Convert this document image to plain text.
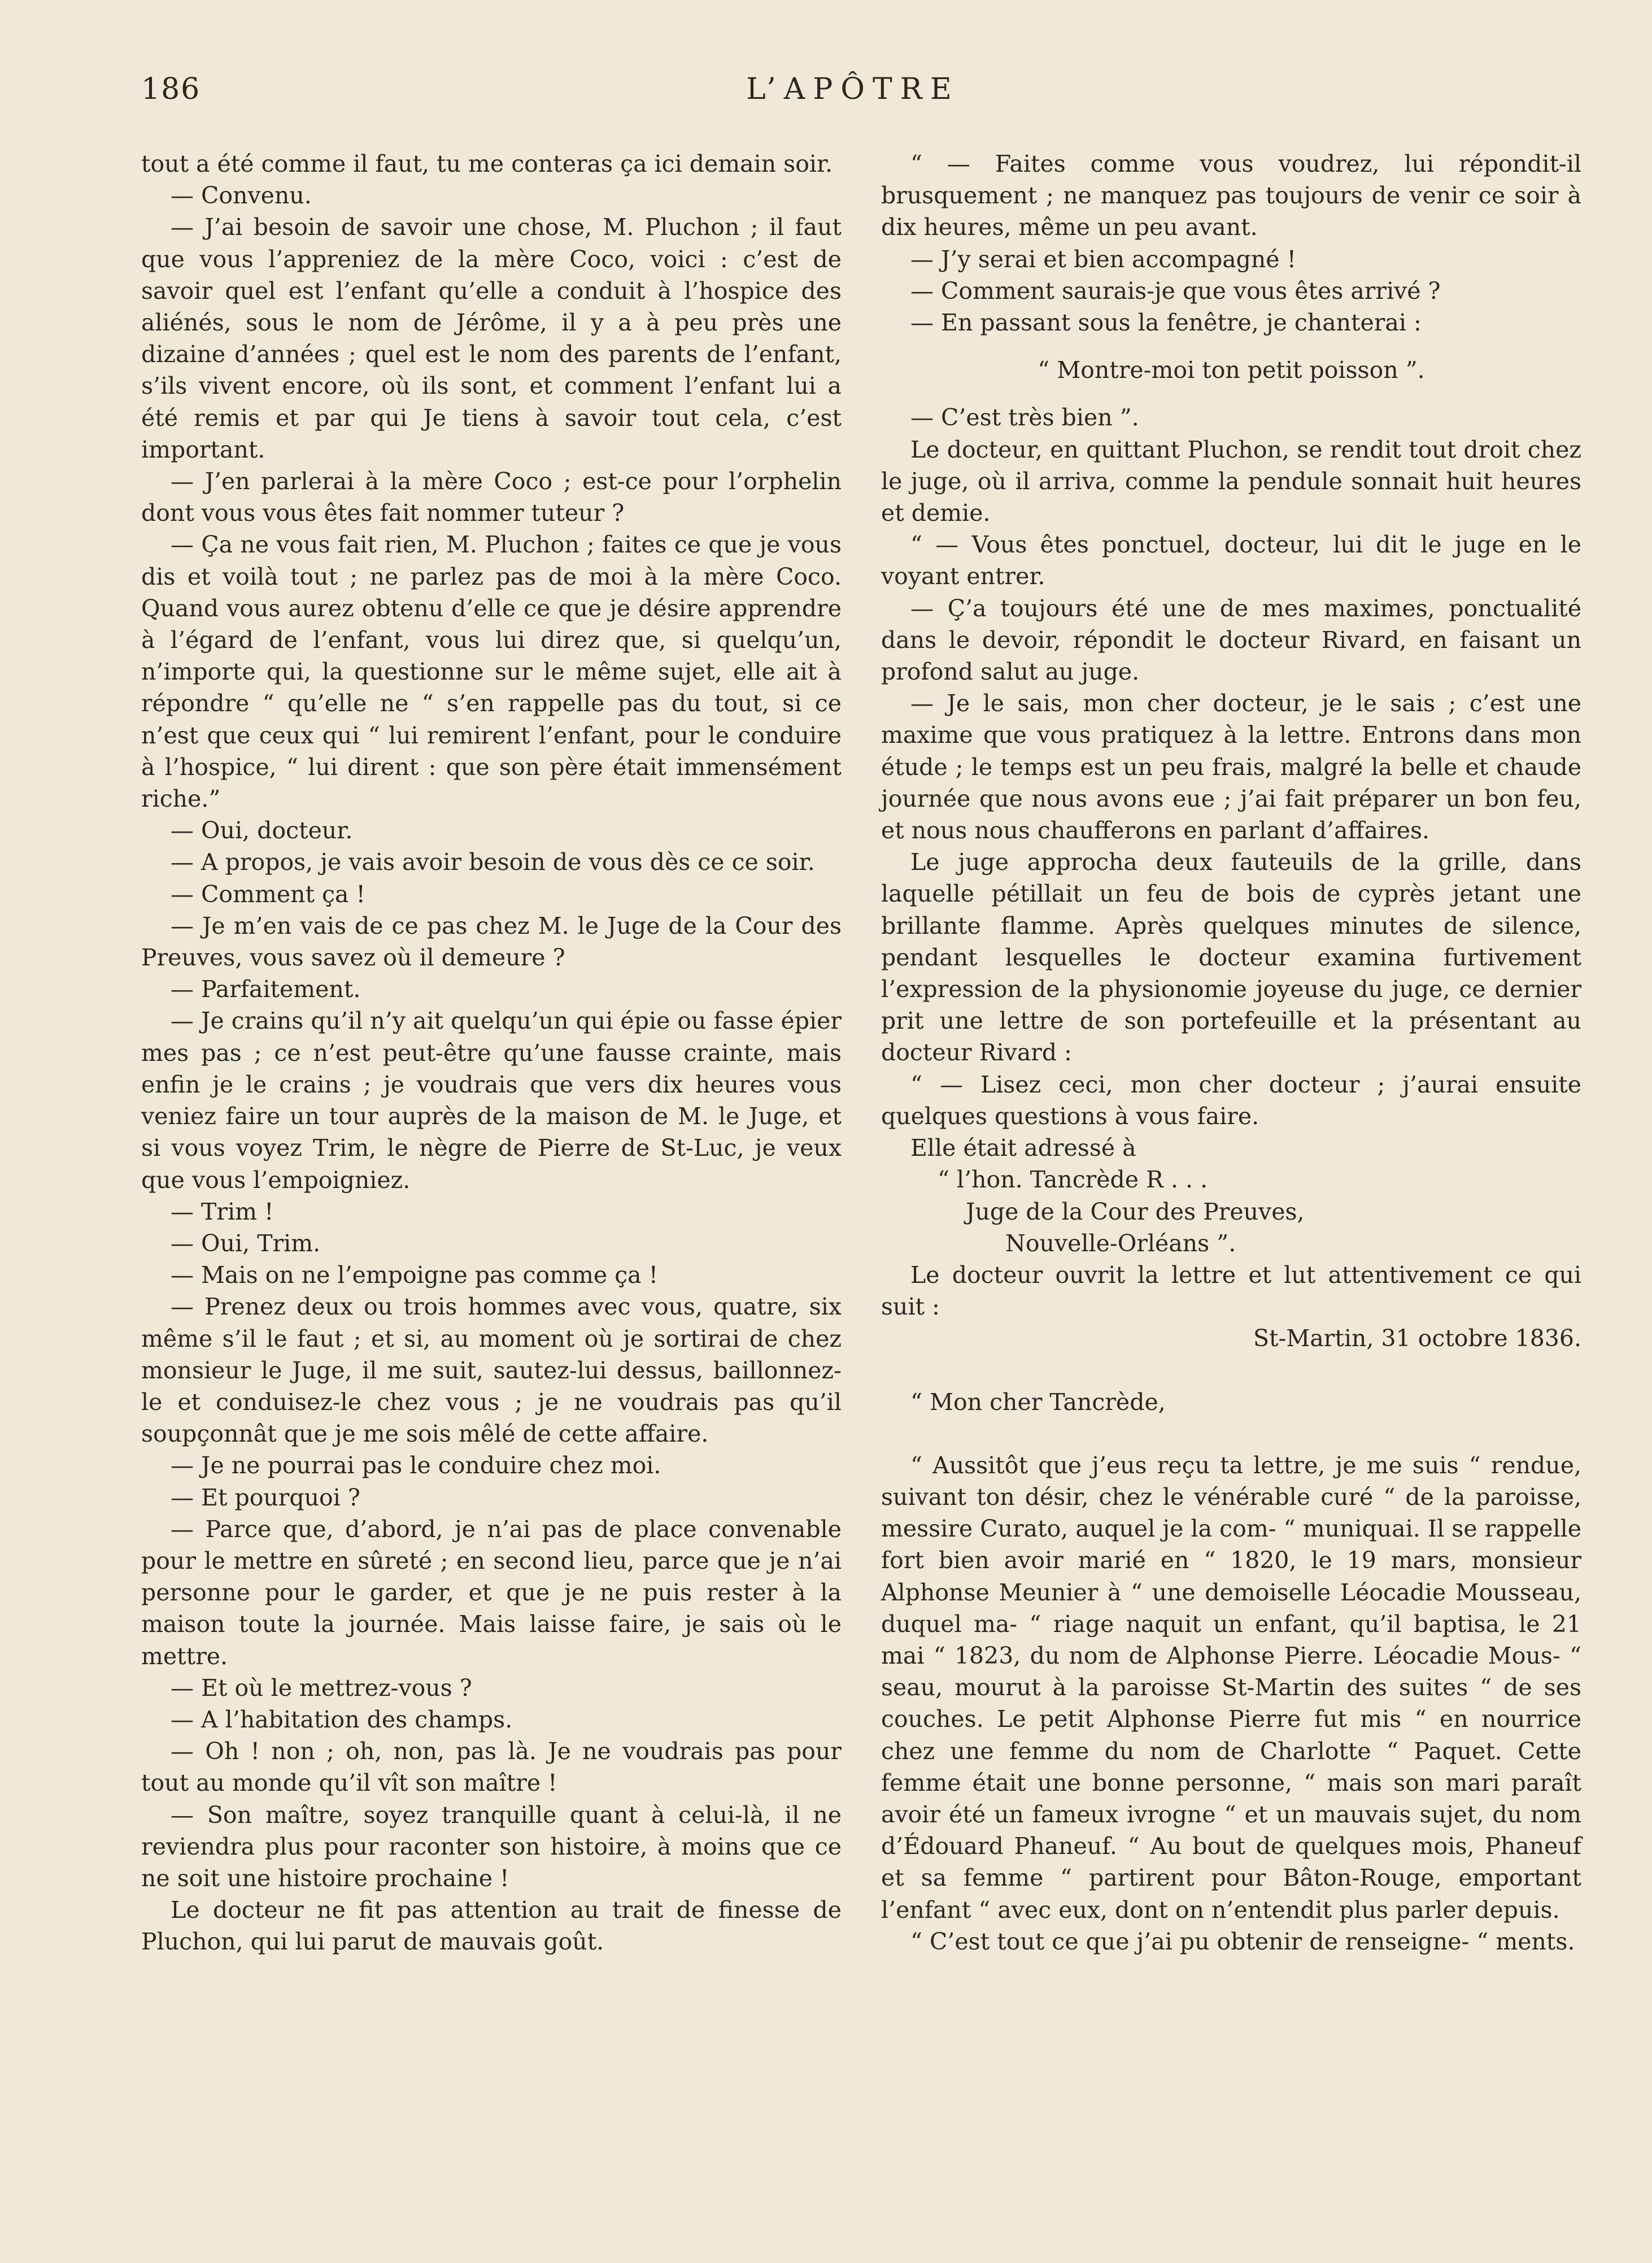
186	L’APÔTRE

tout a été comme il faut, tu me conteras ça ici demain soir.

— Convenu.

— J’ai besoin de savoir une chose, M. Pluchon ; il faut que vous l’appreniez de la mère Coco, voici : c’est de savoir quel est l’enfant qu’elle a conduit à l’hospice des aliénés, sous le nom de Jérôme, il y a à peu près une dizaine d’années ; quel est le nom des parents de l’enfant, s’ils vivent encore, où ils sont, et comment l’enfant lui a été remis et par qui Je tiens à savoir tout cela, c’est important.

— J’en parlerai à la mère Coco ; est-ce pour l’orphelin dont vous vous êtes fait nommer tuteur ?

— Ça ne vous fait rien, M. Pluchon ; faites ce que je vous dis et voilà tout ; ne parlez pas de moi à la mère Coco. Quand vous aurez obtenu d’elle ce que je désire apprendre à l’égard de l’enfant, vous lui direz que, si quelqu’un, n’importe qui, la questionne sur le même sujet, elle ait à répondre “ qu’elle ne “ s’en rappelle pas du tout, si ce n’est que ceux qui “ lui remirent l’enfant, pour le conduire à l’hospice, “ lui dirent : que son père était immensément riche.”

— Oui, docteur.

— A propos, je vais avoir besoin de vous dès ce ce soir.

— Comment ça !

— Je m’en vais de ce pas chez M. le Juge de la Cour des Preuves, vous savez où il demeure ?

— Parfaitement.

— Je crains qu’il n’y ait quelqu’un qui épie ou fasse épier mes pas ; ce n’est peut-être qu’une fausse crainte, mais enfin je le crains ; je voudrais que vers dix heures vous veniez faire un tour auprès de la maison de M. le Juge, et si vous voyez Trim, le nègre de Pierre de St-Luc, je veux que vous l’empoigniez.

— Trim !

— Oui, Trim.

— Mais on ne l’empoigne pas comme ça !

— Prenez deux ou trois hommes avec vous, quatre, six même s’il le faut ; et si, au moment où je sortirai de chez monsieur le Juge, il me suit, sautez-lui dessus, baillonnez-le et conduisez-le chez vous ; je ne voudrais pas qu’il soupçonnât que je me sois mêlé de cette affaire.

— Je ne pourrai pas le conduire chez moi.

— Et pourquoi ?

— Parce que, d’abord, je n’ai pas de place convenable pour le mettre en sûreté ; en second lieu, parce que je n’ai personne pour le garder, et que je ne puis rester à la maison toute la journée. Mais laisse faire, je sais où le mettre.

— Et où le mettrez-vous ?

— A l’habitation des champs.

— Oh ! non ; oh, non, pas là. Je ne voudrais pas pour tout au monde qu’il vît son maître !

— Son maître, soyez tranquille quant à celui-là, il ne reviendra plus pour raconter son histoire, à moins que ce ne soit une histoire prochaine !

Le docteur ne fit pas attention au trait de finesse de Pluchon, qui lui parut de mauvais goût.

“ — Faites comme vous voudrez, lui répondit-il brusquement ; ne manquez pas toujours de venir ce soir à dix heures, même un peu avant.

— J’y serai et bien accompagné !

— Comment saurais-je que vous êtes arrivé ?

— En passant sous la fenêtre, je chanterai :

“ Montre-moi ton petit poisson ”.

— C’est très bien ”.

Le docteur, en quittant Pluchon, se rendit tout droit chez le juge, où il arriva, comme la pendule sonnait huit heures et demie.

“ — Vous êtes ponctuel, docteur, lui dit le juge en le voyant entrer.

— Ç’a toujours été une de mes maximes, ponctualité dans le devoir, répondit le docteur Rivard, en faisant un profond salut au juge.

— Je le sais, mon cher docteur, je le sais ; c’est une maxime que vous pratiquez à la lettre. Entrons dans mon étude ; le temps est un peu frais, malgré la belle et chaude journée que nous avons eue ; j’ai fait préparer un bon feu, et nous nous chaufferons en parlant d’affaires.

Le juge approcha deux fauteuils de la grille, dans laquelle pétillait un feu de bois de cyprès jetant une brillante flamme. Après quelques minutes de silence, pendant lesquelles le docteur examina furtivement l’expression de la physionomie joyeuse du juge, ce dernier prit une lettre de son portefeuille et la présentant au docteur Rivard :

“ — Lisez ceci, mon cher docteur ; j’aurai ensuite quelques questions à vous faire.

Elle était adressé à

“ l’hon. Tancrède R . . .

Juge de la Cour des Preuves,

Nouvelle-Orléans ”.

Le docteur ouvrit la lettre et lut attentivement ce qui suit :

St-Martin, 31 octobre 1836.

“ Mon cher Tancrède,

“ Aussitôt que j’eus reçu ta lettre, je me suis “ rendue, suivant ton désir, chez le vénérable curé “ de la paroisse, messire Curato, auquel je la com- “ muniquai. Il se rappelle fort bien avoir marié en “ 1820, le 19 mars, monsieur Alphonse Meunier à “ une demoiselle Léocadie Mousseau, duquel ma- “ riage naquit un enfant, qu’il baptisa, le 21 mai “ 1823, du nom de Alphonse Pierre. Léocadie Mous- “ seau, mourut à la paroisse St-Martin des suites “ de ses couches. Le petit Alphonse Pierre fut mis “ en nourrice chez une femme du nom de Charlotte “ Paquet. Cette femme était une bonne personne, “ mais son mari paraît avoir été un fameux ivrogne “ et un mauvais sujet, du nom d’Édouard Phaneuf. “ Au bout de quelques mois, Phaneuf et sa femme “ partirent pour Bâton-Rouge, emportant l’enfant “ avec eux, dont on n’entendit plus parler depuis.

“ C’est tout ce que j’ai pu obtenir de renseigne- “ ments.
